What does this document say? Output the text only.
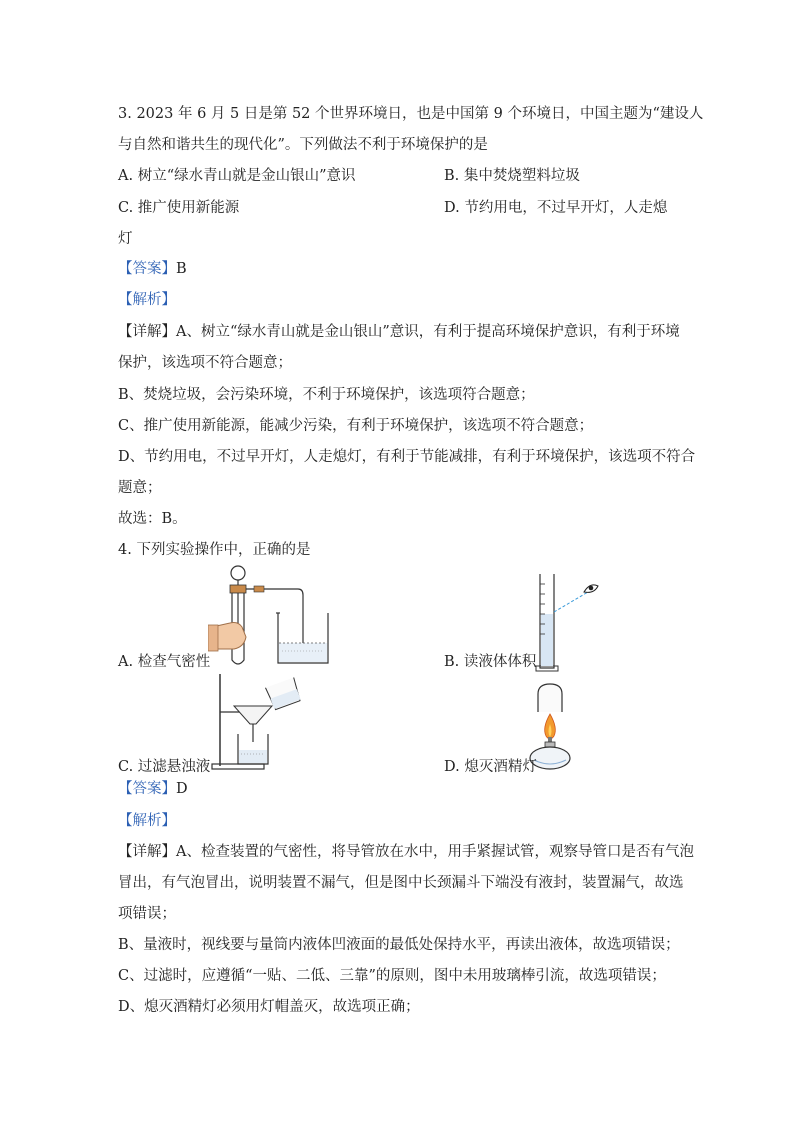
3. 2023 年 6 月 5 日是第 52 个世界环境日，也是中国第 9 个环境日，中国主题为“建设人
与自然和谐共生的现代化”。下列做法不利于环境保护的是
A. 树立“绿水青山就是金山银山”意识	B. 集中焚烧塑料垃圾
C. 推广使用新能源	D. 节约用电，不过早开灯，人走熄
灯
【答案】B
【解析】
【详解】A、树立“绿水青山就是金山银山”意识，有利于提高环境保护意识，有利于环境
保护，该选项不符合题意；
B、焚烧垃圾，会污染环境，不利于环境保护，该选项符合题意；
C、推广使用新能源，能减少污染，有利于环境保护，该选项不符合题意；
D、节约用电，不过早开灯，人走熄灯，有利于节能减排，有利于环境保护，该选项不符合
题意；
故选：B。
4. 下列实验操作中，正确的是
A. 检查气密性	B. 读液体体积
C. 过滤悬浊液	D. 熄灭酒精灯
【答案】D
【解析】
【详解】A、检查装置的气密性，将导管放在水中，用手紧握试管，观察导管口是否有气泡
冒出，有气泡冒出，说明装置不漏气，但是图中长颈漏斗下端没有液封，装置漏气，故选
项错误；
B、量液时，视线要与量筒内液体凹液面的最低处保持水平，再读出液体，故选项错误；
C、过滤时，应遵循“一贴、二低、三靠”的原则，图中未用玻璃棒引流，故选项错误；
D、熄灭酒精灯必须用灯帽盖灭，故选项正确；
